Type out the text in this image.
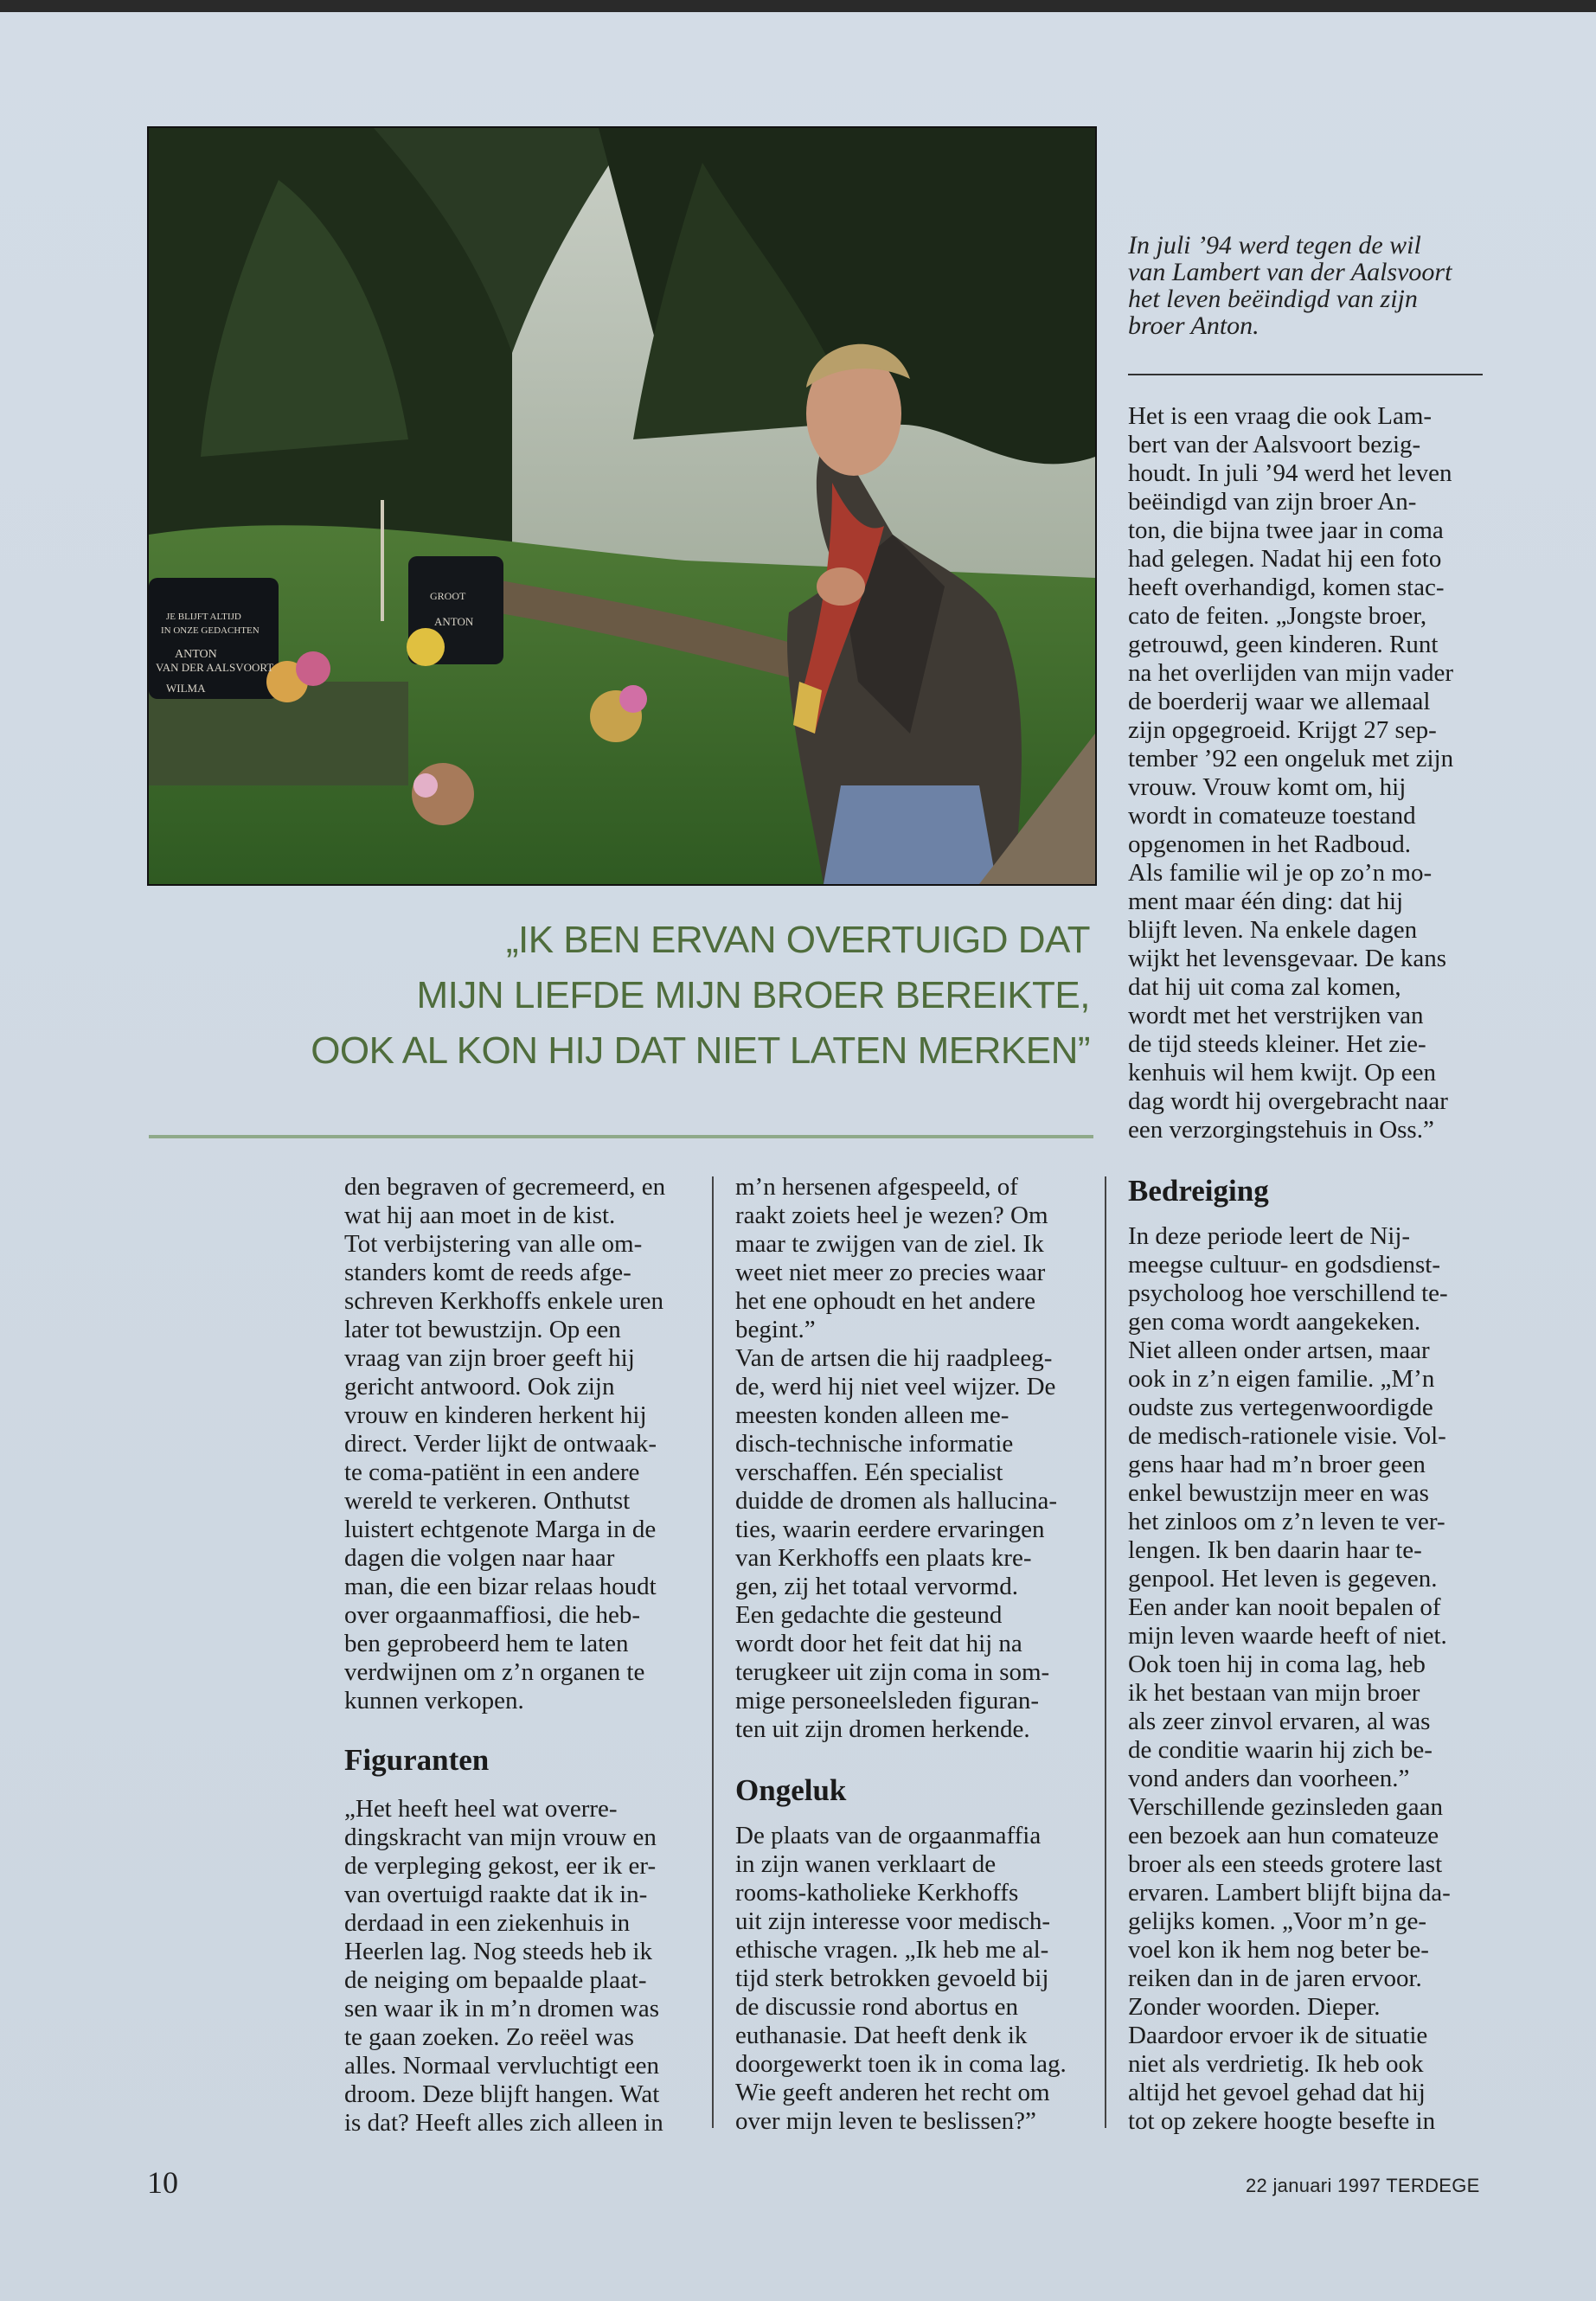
JE BLIJFT ALTIJD
IN ONZE GEDACHTEN
ANTON
VAN DER AALSVOORT
WILMA
GROOT
ANTON
In juli ’94 werd tegen de wil
van Lambert van der Aalsvoort
het leven beëindigd van zijn
broer Anton.
„IK BEN ERVAN OVERTUIGD DAT
MIJN LIEFDE MIJN BROER BEREIKTE,
OOK AL KON HIJ DAT NIET LATEN MERKEN”

den begraven of gecremeerd, en
wat hij aan moet in de kist.
Tot verbijstering van alle om-
standers komt de reeds afge-
schreven Kerkhoffs enkele uren
later tot bewustzijn. Op een
vraag van zijn broer geeft hij
gericht antwoord. Ook zijn
vrouw en kinderen herkent hij
direct. Verder lijkt de ontwaak-
te coma-patiënt in een andere
wereld te verkeren. Onthutst
luistert echtgenote Marga in de
dagen die volgen naar haar
man, die een bizar relaas houdt
over orgaanmaffiosi, die heb-
ben geprobeerd hem te laten
verdwijnen om z’n organen te
kunnen verkopen.

Figuranten

„Het heeft heel wat overre-
dingskracht van mijn vrouw en
de verpleging gekost, eer ik er-
van overtuigd raakte dat ik in-
derdaad in een ziekenhuis in
Heerlen lag. Nog steeds heb ik
de neiging om bepaalde plaat-
sen waar ik in m’n dromen was
te gaan zoeken. Zo reëel was
alles. Normaal vervluchtigt een
droom. Deze blijft hangen. Wat
is dat? Heeft alles zich alleen in

m’n hersenen afgespeeld, of
raakt zoiets heel je wezen? Om
maar te zwijgen van de ziel. Ik
weet niet meer zo precies waar
het ene ophoudt en het andere
begint.”
Van de artsen die hij raadpleeg-
de, werd hij niet veel wijzer. De
meesten konden alleen me-
disch-technische informatie
verschaffen. Eén specialist
duidde de dromen als hallucina-
ties, waarin eerdere ervaringen
van Kerkhoffs een plaats kre-
gen, zij het totaal vervormd.
Een gedachte die gesteund
wordt door het feit dat hij na
terugkeer uit zijn coma in som-
mige personeelsleden figuran-
ten uit zijn dromen herkende.

Ongeluk

De plaats van de orgaanmaffia
in zijn wanen verklaart de
rooms-katholieke Kerkhoffs
uit zijn interesse voor medisch-
ethische vragen. „Ik heb me al-
tijd sterk betrokken gevoeld bij
de discussie rond abortus en
euthanasie. Dat heeft denk ik
doorgewerkt toen ik in coma lag.
Wie geeft anderen het recht om
over mijn leven te beslissen?”

Het is een vraag die ook Lam-
bert van der Aalsvoort bezig-
houdt. In juli ’94 werd het leven
beëindigd van zijn broer An-
ton, die bijna twee jaar in coma
had gelegen. Nadat hij een foto
heeft overhandigd, komen stac-
cato de feiten. „Jongste broer,
getrouwd, geen kinderen. Runt
na het overlijden van mijn vader
de boerderij waar we allemaal
zijn opgegroeid. Krijgt 27 sep-
tember ’92 een ongeluk met zijn
vrouw. Vrouw komt om, hij
wordt in comateuze toestand
opgenomen in het Radboud.
Als familie wil je op zo’n mo-
ment maar één ding: dat hij
blijft leven. Na enkele dagen
wijkt het levensgevaar. De kans
dat hij uit coma zal komen,
wordt met het verstrijken van
de tijd steeds kleiner. Het zie-
kenhuis wil hem kwijt. Op een
dag wordt hij overgebracht naar
een verzorgingstehuis in Oss.”

Bedreiging

In deze periode leert de Nij-
meegse cultuur- en godsdienst-
psycholoog hoe verschillend te-
gen coma wordt aangekeken.
Niet alleen onder artsen, maar
ook in z’n eigen familie. „M’n
oudste zus vertegenwoordigde
de medisch-rationele visie. Vol-
gens haar had m’n broer geen
enkel bewustzijn meer en was
het zinloos om z’n leven te ver-
lengen. Ik ben daarin haar te-
genpool. Het leven is gegeven.
Een ander kan nooit bepalen of
mijn leven waarde heeft of niet.
Ook toen hij in coma lag, heb
ik het bestaan van mijn broer
als zeer zinvol ervaren, al was
de conditie waarin hij zich be-
vond anders dan voorheen.”
Verschillende gezinsleden gaan
een bezoek aan hun comateuze
broer als een steeds grotere last
ervaren. Lambert blijft bijna da-
gelijks komen. „Voor m’n ge-
voel kon ik hem nog beter be-
reiken dan in de jaren ervoor.
Zonder woorden. Dieper.
Daardoor ervoer ik de situatie
niet als verdrietig. Ik heb ook
altijd het gevoel gehad dat hij
tot op zekere hoogte besefte in

10	22 januari 1997 TERDEGE
